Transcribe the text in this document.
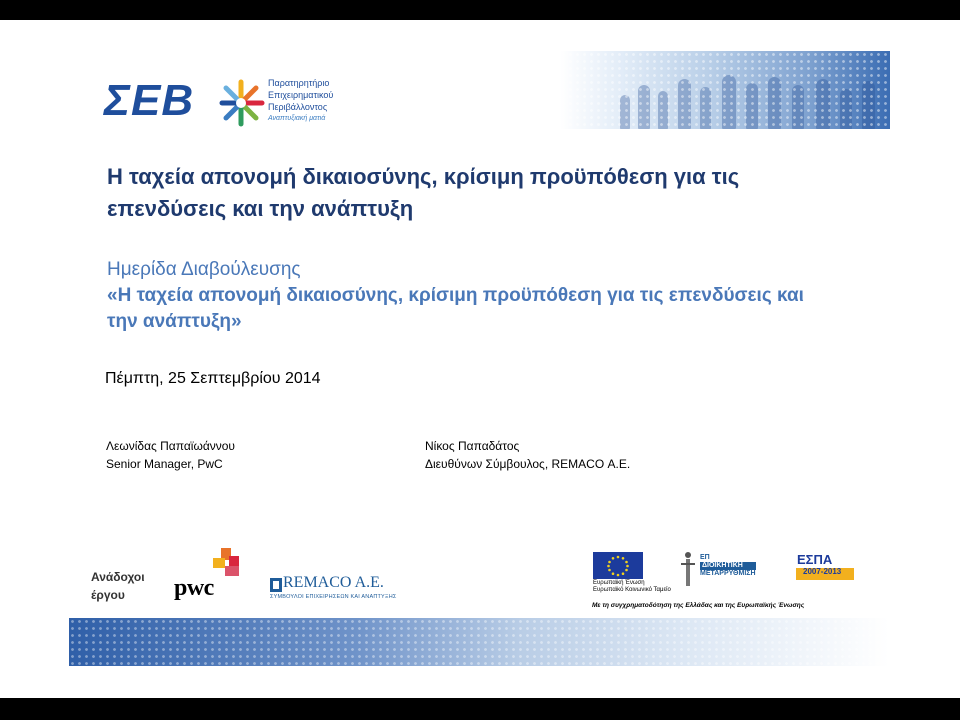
ΣΕΒ	Παρατηρητήριο
Επιχειρηματικού
Περιβάλλοντος
Αναπτυξιακή ματιά
Η ταχεία απονομή δικαιοσύνης, κρίσιμη προϋπόθεση για τις επενδύσεις και την ανάπτυξη
Ημερίδα Διαβούλευσης
«Η ταχεία απονομή δικαιοσύνης, κρίσιμη προϋπόθεση για τις επενδύσεις και την ανάπτυξη»
Πέμπτη, 25 Σεπτεμβρίου 2014
Λεωνίδας Παπαϊωάννου
Senior Manager, PwC
Νίκος Παπαδάτος
Διευθύνων Σύμβουλος, REMACO Α.Ε.
Ανάδοχοι
έργου	pwc	REMACO A.E.
ΣΥΜΒΟΥΛΟΙ ΕΠΙΧΕΙΡΗΣΕΩΝ ΚΑΙ ΑΝΑΠΤΥΞΗΣ
Ευρωπαϊκή Ένωση
Ευρωπαϊκό Κοινωνικό Ταμείο
ΕΠ
ΔΙΟΙΚΗΤΙΚΗ
ΜΕΤΑΡΡΥΘΜΙΣΗ
ΕΣΠΑ
2007-2013
Με τη συγχρηματοδότηση της Ελλάδας και της Ευρωπαϊκής Ένωσης
